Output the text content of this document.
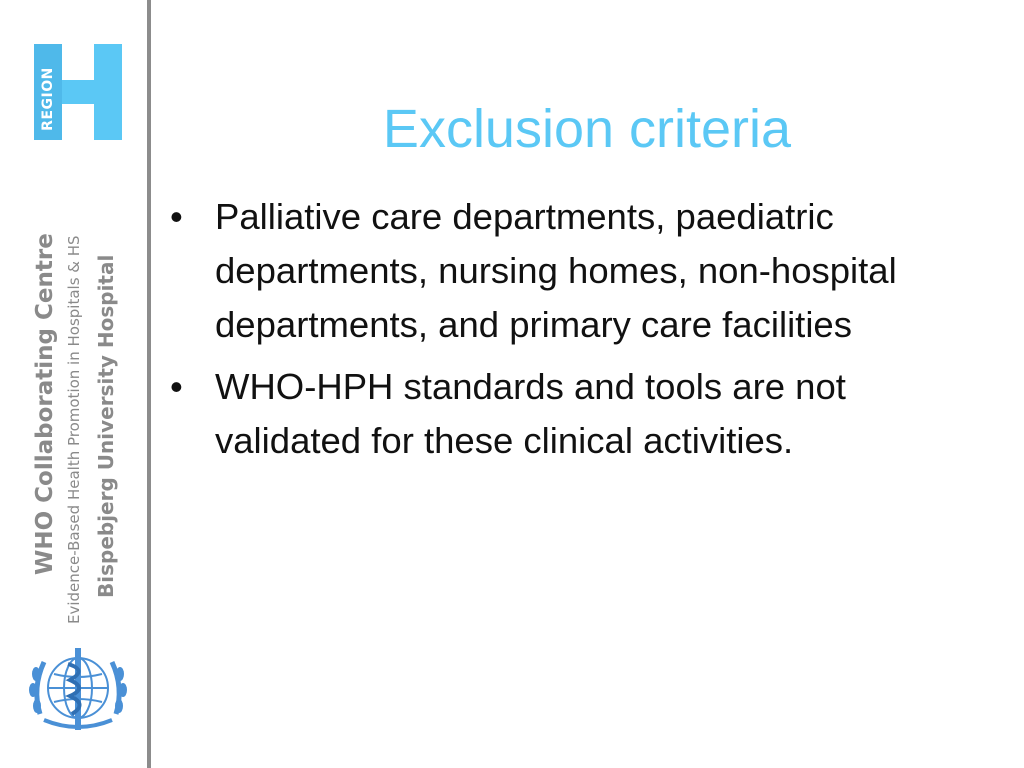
REGION
WHO Collaborating Centre Evidence-Based Health Promotion in Hospitals & HS Bispebjerg University Hospital
Exclusion criteria
• Palliative care departments, paediatric departments, nursing homes, non-hospital departments, and primary care facilities
• WHO-HPH standards and tools are not validated for these clinical activities.
